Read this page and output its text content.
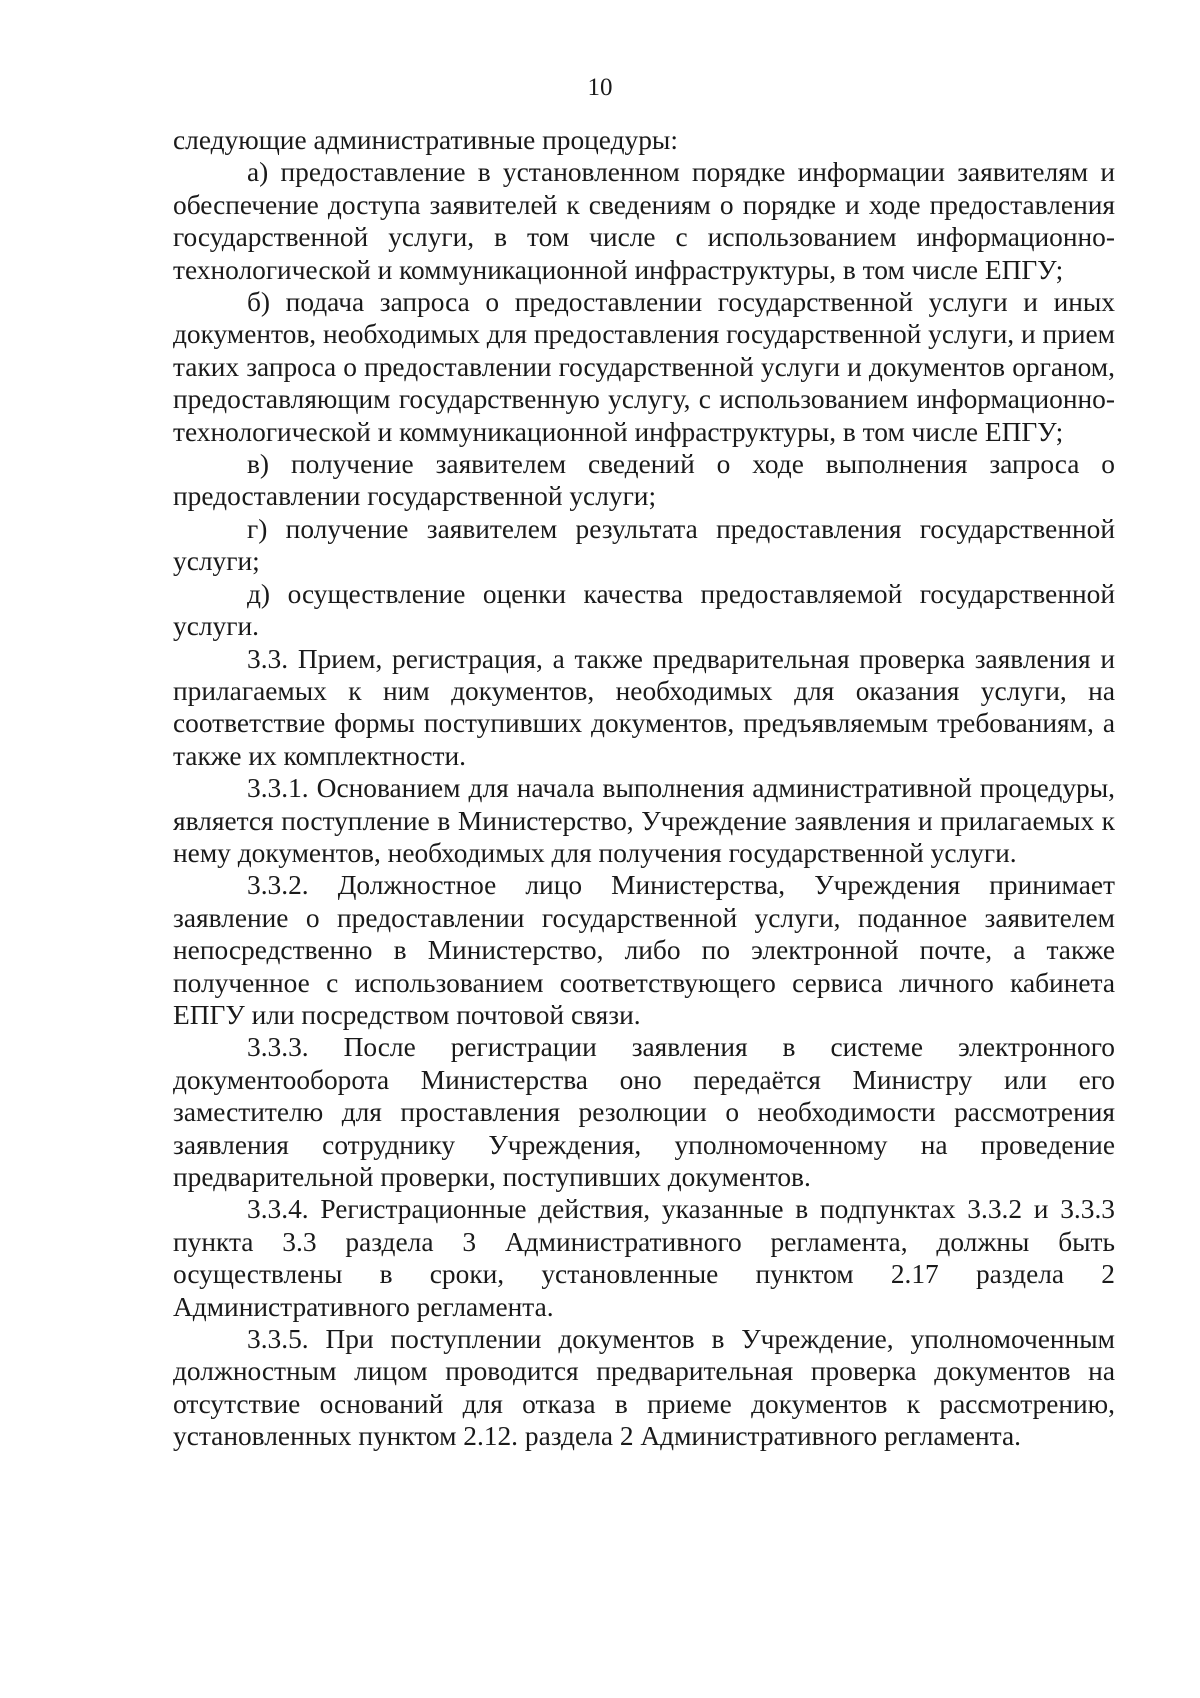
10

следующие административные процедуры:

а) предоставление в установленном порядке информации заявителям и обеспечение доступа заявителей к сведениям о порядке и ходе предоставления государственной услуги, в том числе с использованием информационно-технологической и коммуникационной инфраструктуры, в том числе ЕПГУ;

б) подача запроса о предоставлении государственной услуги и иных документов, необходимых для предоставления государственной услуги, и прием таких запроса о предоставлении государственной услуги и документов органом, предоставляющим государственную услугу, с использованием информационно-технологической и коммуникационной инфраструктуры, в том числе ЕПГУ;

в) получение заявителем сведений о ходе выполнения запроса о предоставлении государственной услуги;

г) получение заявителем результата предоставления государственной услуги;

д) осуществление оценки качества предоставляемой государственной услуги.

3.3. Прием, регистрация, а также предварительная проверка заявления и прилагаемых к ним документов, необходимых для оказания услуги, на соответствие формы поступивших документов, предъявляемым требованиям, а также их комплектности.

3.3.1. Основанием для начала выполнения административной процедуры, является поступление в Министерство, Учреждение заявления и прилагаемых к нему документов, необходимых для получения государственной услуги.

3.3.2. Должностное лицо Министерства, Учреждения принимает заявление о предоставлении государственной услуги, поданное заявителем непосредственно в Министерство, либо по электронной почте, а также полученное с использованием соответствующего сервиса личного кабинета ЕПГУ или посредством почтовой связи.

3.3.3. После регистрации заявления в системе электронного документооборота Министерства оно передаётся Министру или его заместителю для проставления резолюции о необходимости рассмотрения заявления сотруднику Учреждения, уполномоченному на проведение предварительной проверки, поступивших документов.

3.3.4. Регистрационные действия, указанные в подпунктах 3.3.2 и 3.3.3 пункта 3.3 раздела 3 Административного регламента, должны быть осуществлены в сроки, установленные пунктом 2.17 раздела 2 Административного регламента.

3.3.5. При поступлении документов в Учреждение, уполномоченным должностным лицом проводится предварительная проверка документов на отсутствие оснований для отказа в приеме документов к рассмотрению, установленных пунктом 2.12. раздела 2 Административного регламента.
